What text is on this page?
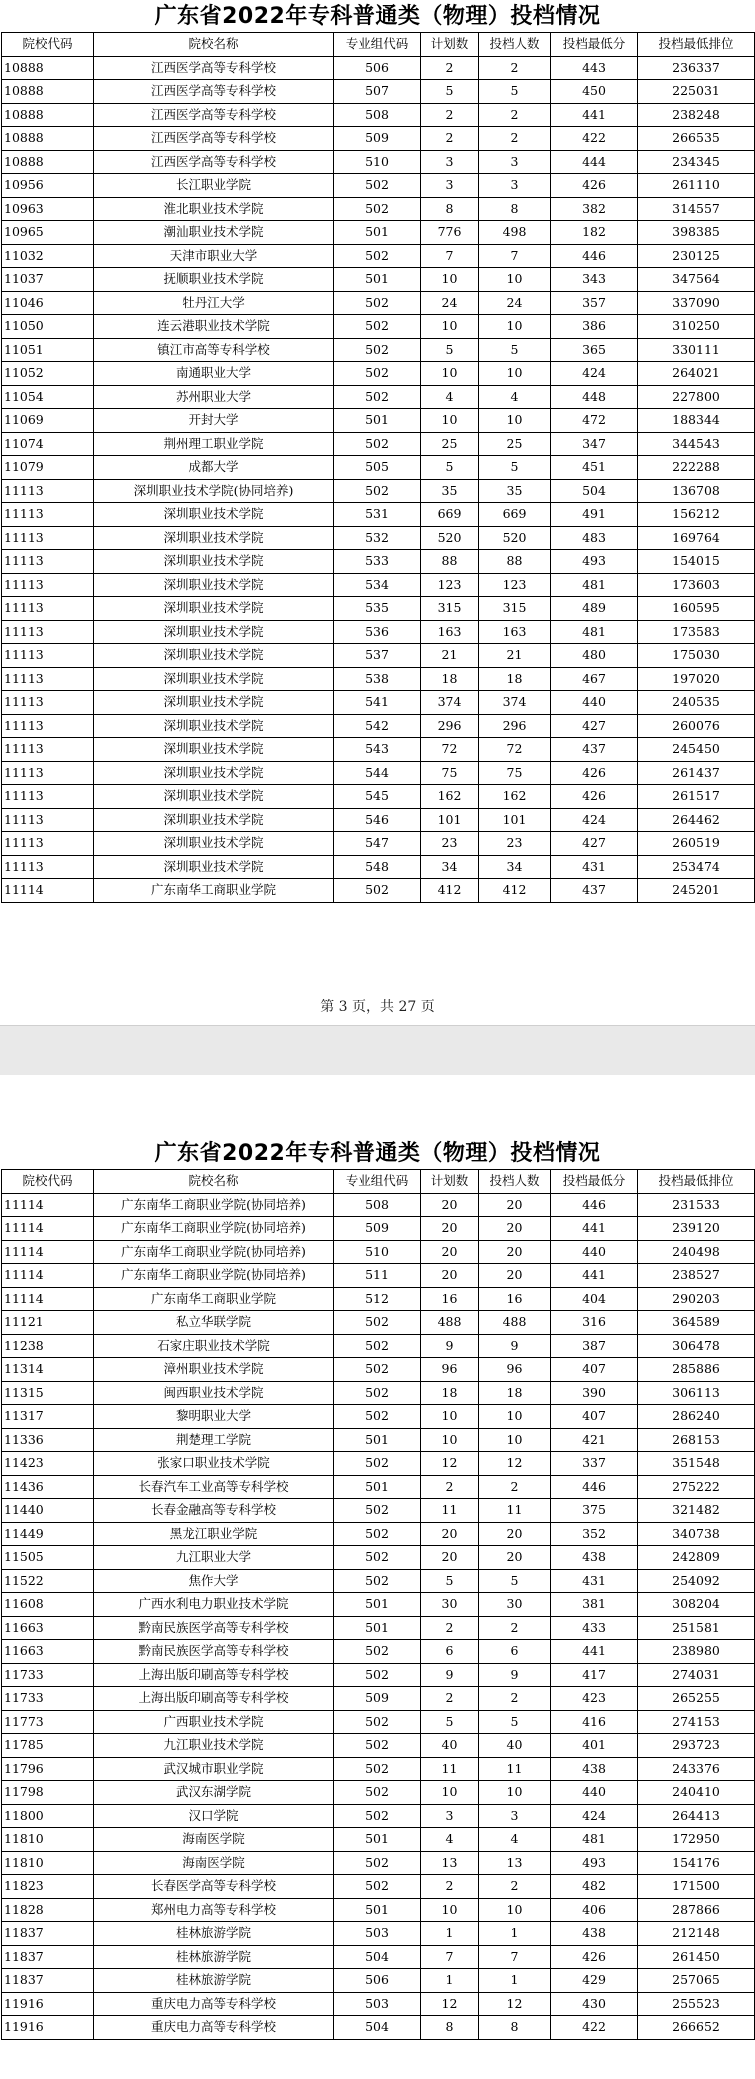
广东省2022年专科普通类（物理）投档情况
院校代码	院校名称	专业组代码	计划数	投档人数	投档最低分	投档最低排位
10888	江西医学高等专科学校	506	2	2	443	236337
10888	江西医学高等专科学校	507	5	5	450	225031
10888	江西医学高等专科学校	508	2	2	441	238248
10888	江西医学高等专科学校	509	2	2	422	266535
10888	江西医学高等专科学校	510	3	3	444	234345
10956	长江职业学院	502	3	3	426	261110
10963	淮北职业技术学院	502	8	8	382	314557
10965	潮汕职业技术学院	501	776	498	182	398385
11032	天津市职业大学	502	7	7	446	230125
11037	抚顺职业技术学院	501	10	10	343	347564
11046	牡丹江大学	502	24	24	357	337090
11050	连云港职业技术学院	502	10	10	386	310250
11051	镇江市高等专科学校	502	5	5	365	330111
11052	南通职业大学	502	10	10	424	264021
11054	苏州职业大学	502	4	4	448	227800
11069	开封大学	501	10	10	472	188344
11074	荆州理工职业学院	502	25	25	347	344543
11079	成都大学	505	5	5	451	222288
11113	深圳职业技术学院(协同培养)	502	35	35	504	136708
11113	深圳职业技术学院	531	669	669	491	156212
11113	深圳职业技术学院	532	520	520	483	169764
11113	深圳职业技术学院	533	88	88	493	154015
11113	深圳职业技术学院	534	123	123	481	173603
11113	深圳职业技术学院	535	315	315	489	160595
11113	深圳职业技术学院	536	163	163	481	173583
11113	深圳职业技术学院	537	21	21	480	175030
11113	深圳职业技术学院	538	18	18	467	197020
11113	深圳职业技术学院	541	374	374	440	240535
11113	深圳职业技术学院	542	296	296	427	260076
11113	深圳职业技术学院	543	72	72	437	245450
11113	深圳职业技术学院	544	75	75	426	261437
11113	深圳职业技术学院	545	162	162	426	261517
11113	深圳职业技术学院	546	101	101	424	264462
11113	深圳职业技术学院	547	23	23	427	260519
11113	深圳职业技术学院	548	34	34	431	253474
11114	广东南华工商职业学院	502	412	412	437	245201
第 3 页，共 27 页
广东省2022年专科普通类（物理）投档情况
院校代码	院校名称	专业组代码	计划数	投档人数	投档最低分	投档最低排位
11114	广东南华工商职业学院(协同培养)	508	20	20	446	231533
11114	广东南华工商职业学院(协同培养)	509	20	20	441	239120
11114	广东南华工商职业学院(协同培养)	510	20	20	440	240498
11114	广东南华工商职业学院(协同培养)	511	20	20	441	238527
11114	广东南华工商职业学院	512	16	16	404	290203
11121	私立华联学院	502	488	488	316	364589
11238	石家庄职业技术学院	502	9	9	387	306478
11314	漳州职业技术学院	502	96	96	407	285886
11315	闽西职业技术学院	502	18	18	390	306113
11317	黎明职业大学	502	10	10	407	286240
11336	荆楚理工学院	501	10	10	421	268153
11423	张家口职业技术学院	502	12	12	337	351548
11436	长春汽车工业高等专科学校	501	2	2	446	275222
11440	长春金融高等专科学校	502	11	11	375	321482
11449	黑龙江职业学院	502	20	20	352	340738
11505	九江职业大学	502	20	20	438	242809
11522	焦作大学	502	5	5	431	254092
11608	广西水利电力职业技术学院	501	30	30	381	308204
11663	黔南民族医学高等专科学校	501	2	2	433	251581
11663	黔南民族医学高等专科学校	502	6	6	441	238980
11733	上海出版印刷高等专科学校	502	9	9	417	274031
11733	上海出版印刷高等专科学校	509	2	2	423	265255
11773	广西职业技术学院	502	5	5	416	274153
11785	九江职业技术学院	502	40	40	401	293723
11796	武汉城市职业学院	502	11	11	438	243376
11798	武汉东湖学院	502	10	10	440	240410
11800	汉口学院	502	3	3	424	264413
11810	海南医学院	501	4	4	481	172950
11810	海南医学院	502	13	13	493	154176
11823	长春医学高等专科学校	502	2	2	482	171500
11828	郑州电力高等专科学校	501	10	10	406	287866
11837	桂林旅游学院	503	1	1	438	212148
11837	桂林旅游学院	504	7	7	426	261450
11837	桂林旅游学院	506	1	1	429	257065
11916	重庆电力高等专科学校	503	12	12	430	255523
11916	重庆电力高等专科学校	504	8	8	422	266652
